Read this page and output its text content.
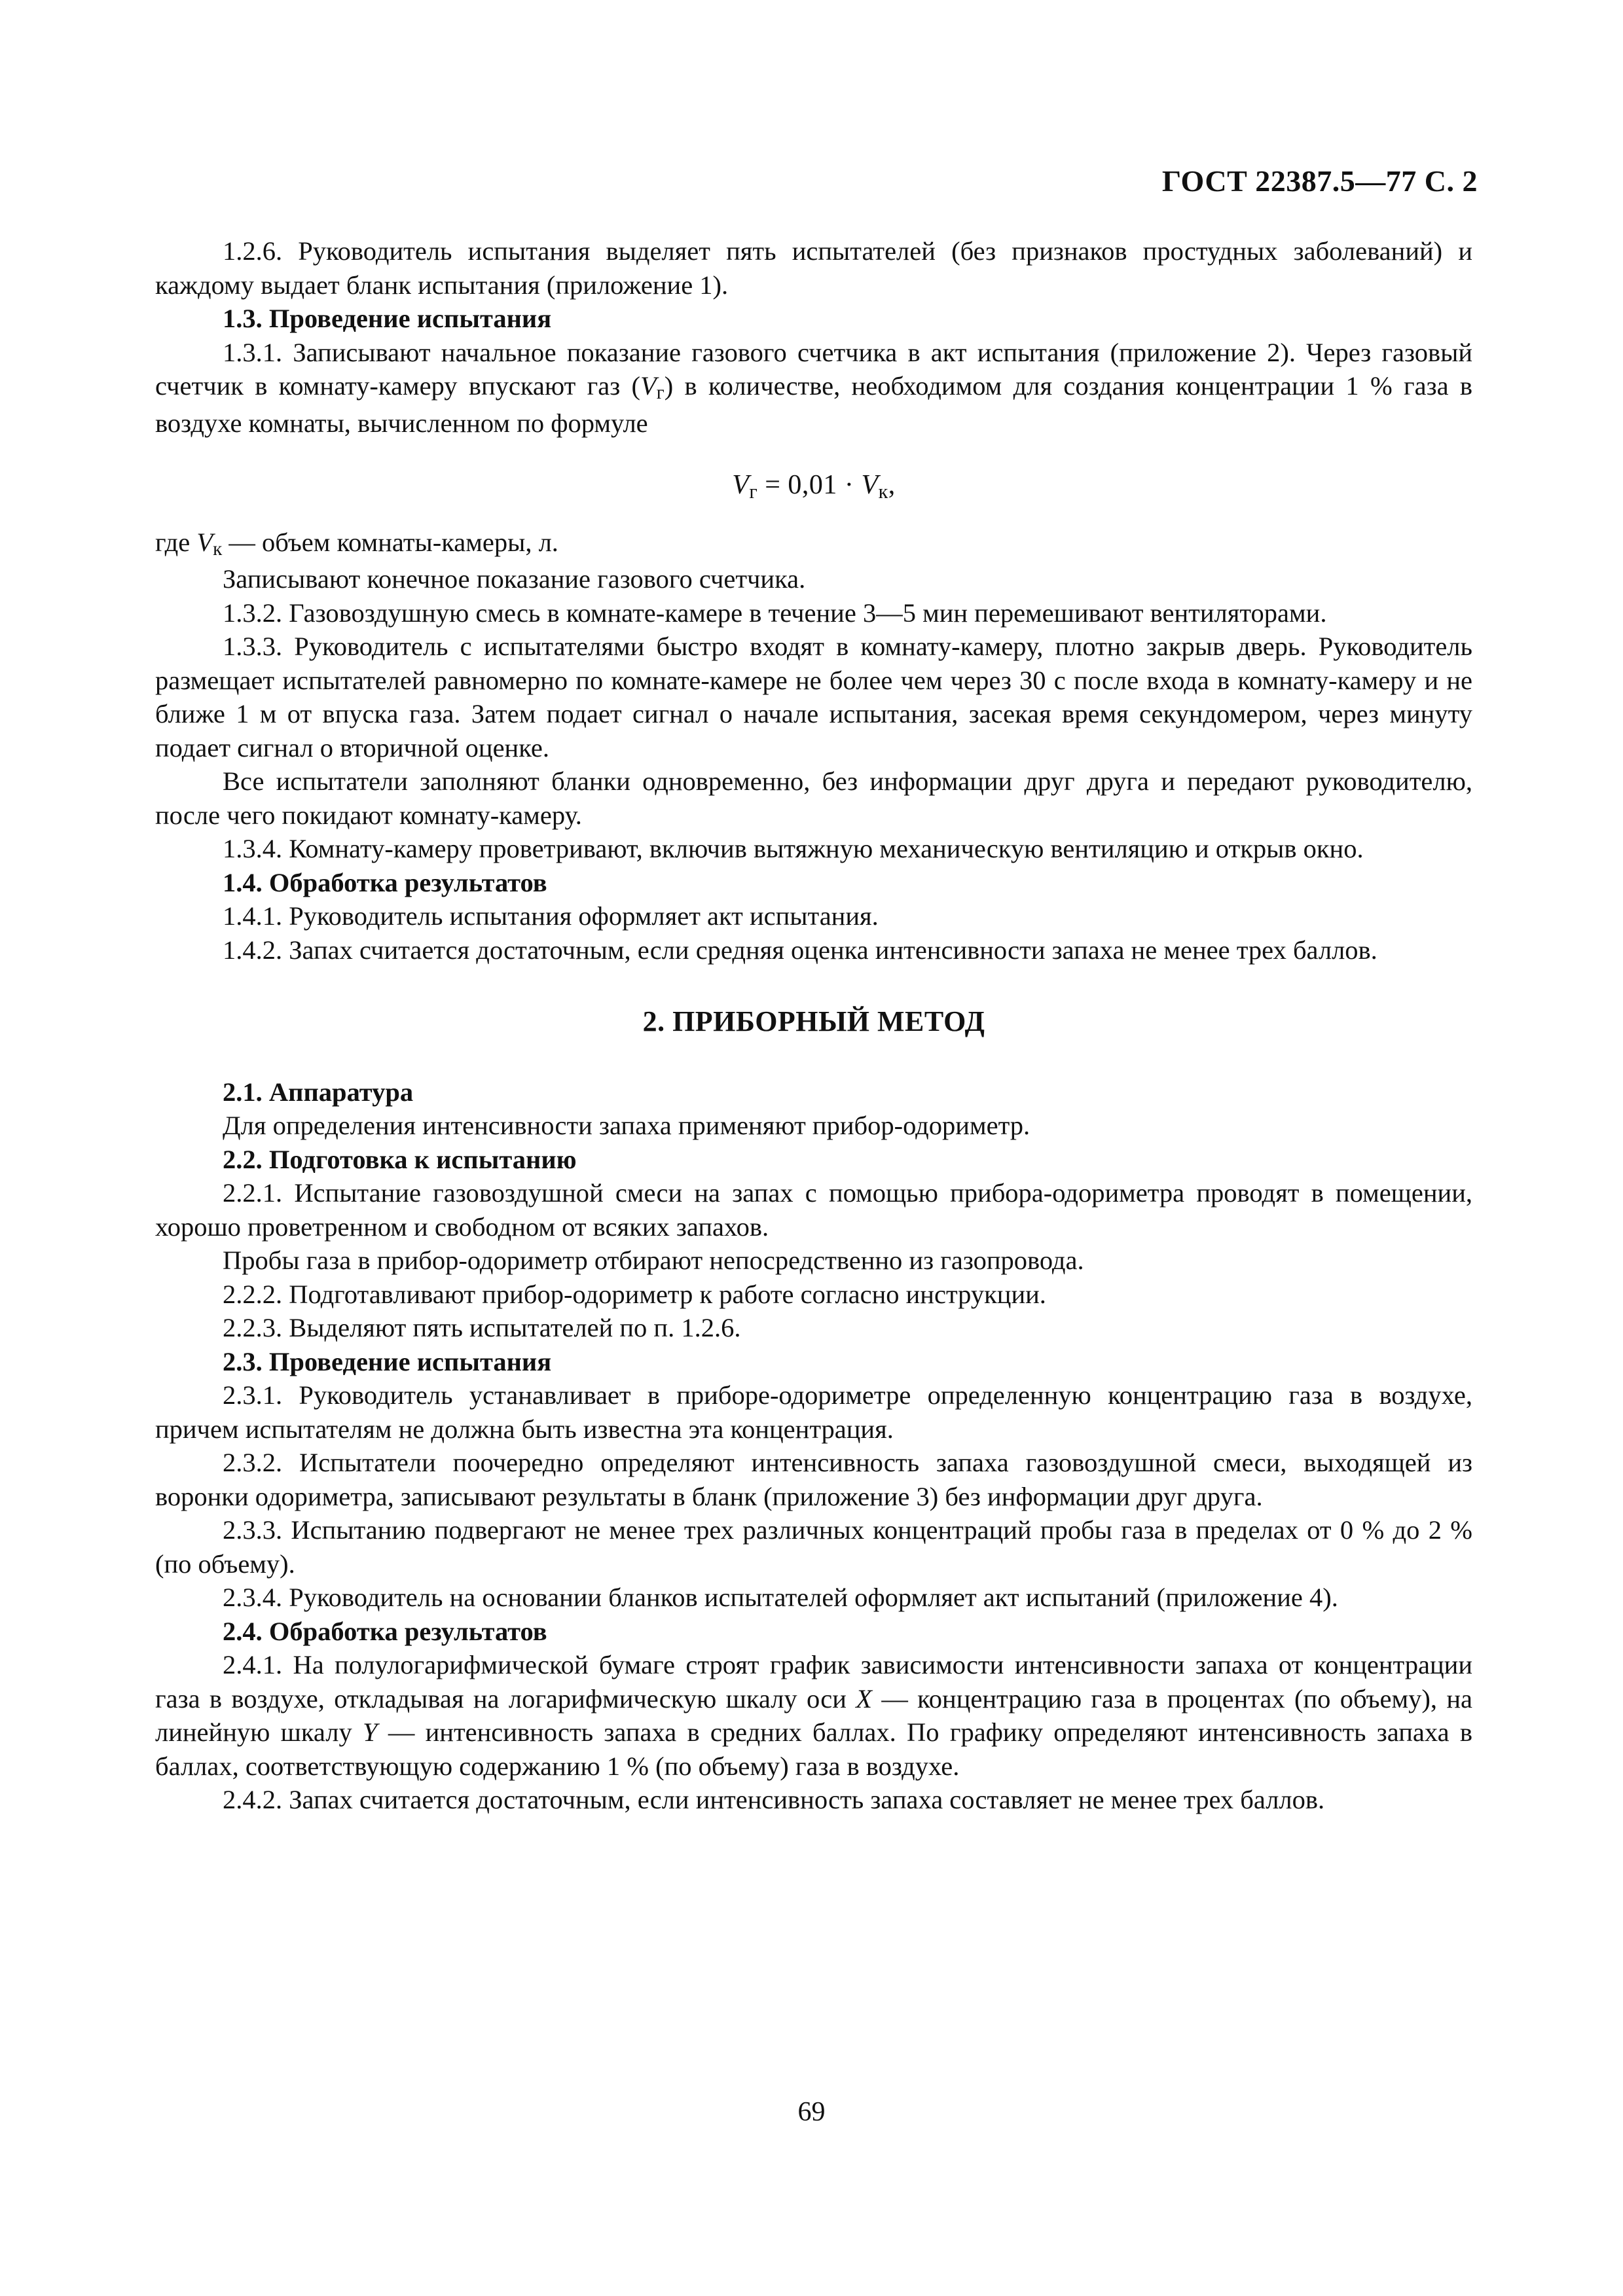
ГОСТ 22387.5—77 С. 2

1.2.6. Руководитель испытания выделяет пять испытателей (без признаков простудных заболеваний) и каждому выдает бланк испытания (приложение 1).

1.3. Проведение испытания

1.3.1. Записывают начальное показание газового счетчика в акт испытания (приложение 2). Через газовый счетчик в комнату-камеру впускают газ (Vг) в количестве, необходимом для создания концентрации 1 % газа в воздухе комнаты, вычисленном по формуле

Vг = 0,01 · Vк,

где Vк — объем комнаты-камеры, л.

Записывают конечное показание газового счетчика.

1.3.2. Газовоздушную смесь в комнате-камере в течение 3—5 мин перемешивают вентиляторами.

1.3.3. Руководитель с испытателями быстро входят в комнату-камеру, плотно закрыв дверь. Руководитель размещает испытателей равномерно по комнате-камере не более чем через 30 с после входа в комнату-камеру и не ближе 1 м от впуска газа. Затем подает сигнал о начале испытания, засекая время секундомером, через минуту подает сигнал о вторичной оценке.

Все испытатели заполняют бланки одновременно, без информации друг друга и передают руководителю, после чего покидают комнату-камеру.

1.3.4. Комнату-камеру проветривают, включив вытяжную механическую вентиляцию и открыв окно.

1.4. Обработка результатов

1.4.1. Руководитель испытания оформляет акт испытания.

1.4.2. Запах считается достаточным, если средняя оценка интенсивности запаха не менее трех баллов.

2. ПРИБОРНЫЙ МЕТОД

2.1. Аппаратура

Для определения интенсивности запаха применяют прибор-одориметр.

2.2. Подготовка к испытанию

2.2.1. Испытание газовоздушной смеси на запах с помощью прибора-одориметра проводят в помещении, хорошо проветренном и свободном от всяких запахов.

Пробы газа в прибор-одориметр отбирают непосредственно из газопровода.

2.2.2. Подготавливают прибор-одориметр к работе согласно инструкции.

2.2.3. Выделяют пять испытателей по п. 1.2.6.

2.3. Проведение испытания

2.3.1. Руководитель устанавливает в приборе-одориметре определенную концентрацию газа в воздухе, причем испытателям не должна быть известна эта концентрация.

2.3.2. Испытатели поочередно определяют интенсивность запаха газовоздушной смеси, выходящей из воронки одориметра, записывают результаты в бланк (приложение 3) без информации друг друга.

2.3.3. Испытанию подвергают не менее трех различных концентраций пробы газа в пределах от 0 % до 2 % (по объему).

2.3.4. Руководитель на основании бланков испытателей оформляет акт испытаний (приложение 4).

2.4. Обработка результатов

2.4.1. На полулогарифмической бумаге строят график зависимости интенсивности запаха от концентрации газа в воздухе, откладывая на логарифмическую шкалу оси X — концентрацию газа в процентах (по объему), на линейную шкалу Y — интенсивность запаха в средних баллах. По графику определяют интенсивность запаха в баллах, соответствующую содержанию 1 % (по объему) газа в воздухе.

2.4.2. Запах считается достаточным, если интенсивность запаха составляет не менее трех баллов.

69
